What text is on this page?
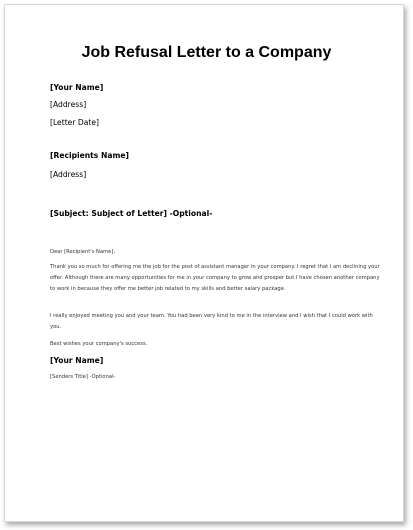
Job Refusal Letter to a Company
[Your Name]
[Address]
[Letter Date]
[Recipients Name]
[Address]
[Subject: Subject of Letter] -Optional-
Dear [Recipient's Name],
Thank you so much for offering me the job for the post of assistant manager in your company. I regret that I am declining your offer. Although there are many opportunities for me in your company to grow and prosper but I have chosen another company to work in because they offer me better job related to my skills and better salary package.
I really enjoyed meeting you and your team. You had been very kind to me in the interview and I wish that I could work with you.
Best wishes your company's success.
[Your Name]
[Senders Title] -Optional-
